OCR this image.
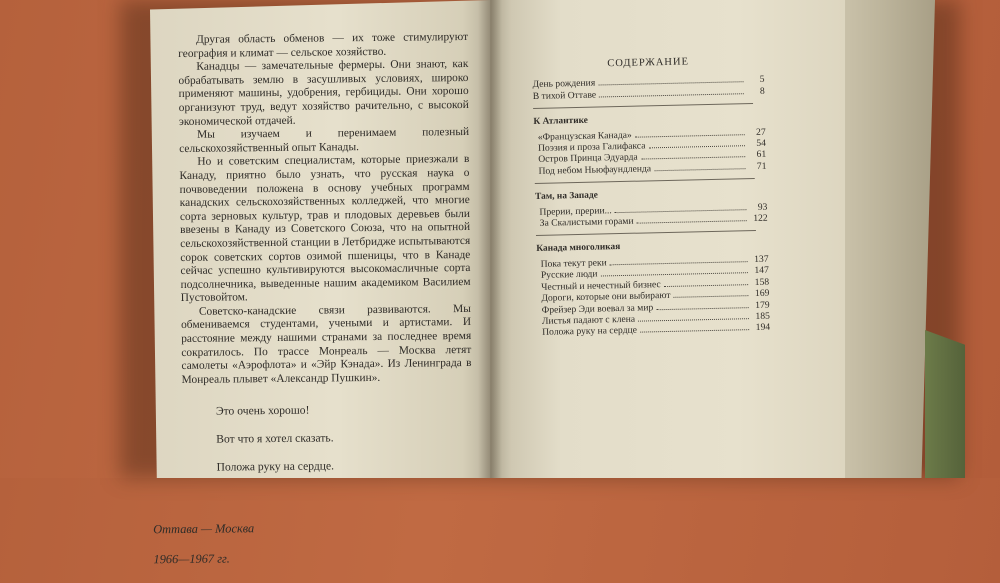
Другая область обменов — их тоже стимулируют география и климат — сельское хозяйство.

Канадцы — замечательные фермеры. Они знают, как обрабатывать землю в засушливых условиях, широко применяют машины, удобрения, гербициды. Они хорошо организуют труд, ведут хозяйство рачительно, с высокой экономической отдачей.

Мы изучаем и перенимаем полезный сельскохозяйственный опыт Канады.

Но и советским специалистам, которые приезжали в Канаду, приятно было узнать, что русская наука о почвоведении положена в основу учебных программ канадских сельскохозяйственных колледжей, что многие сорта зерновых культур, трав и плодовых деревьев были ввезены в Канаду из Советского Союза, что на опытной сельскохозяйственной станции в Летбридже испытываются сорок советских сортов озимой пшеницы, что в Канаде сейчас успешно культивируются высокомасличные сорта подсолнечника, выведенные нашим академиком Василием Пустовойтом.

Советско-канадские связи развиваются. Мы обмениваемся студентами, учеными и артистами. И расстояние между нашими странами за последнее время сократилось. По трассе Монреаль — Москва летят самолеты «Аэрофлота» и «Эйр Кэнада». Из Ленинграда в Монреаль плывет «Александр Пушкин».

Это очень хорошо!

Вот что я хотел сказать.

Положа руку на сердце.

Оттава — Москва

1966—1967 гг.

СОДЕРЖАНИЕ
День рождения	5
В тихой Оттаве	8
К Атлантике
«Французская Канада»	27
Поэзия и проза Галифакса	54
Остров Принца Эдуарда	61
Под небом Ньюфаундленда	71
Там, на Западе
Прерии, прерии...	93
За Скалистыми горами	122
Канада многоликая
Пока текут реки	137
Русские люди	147
Честный и нечестный бизнес	158
Дороги, которые они выбирают	169
Фрейзер Эди воевал за мир	179
Листья падают с клена	185
Положа руку на сердце	194
